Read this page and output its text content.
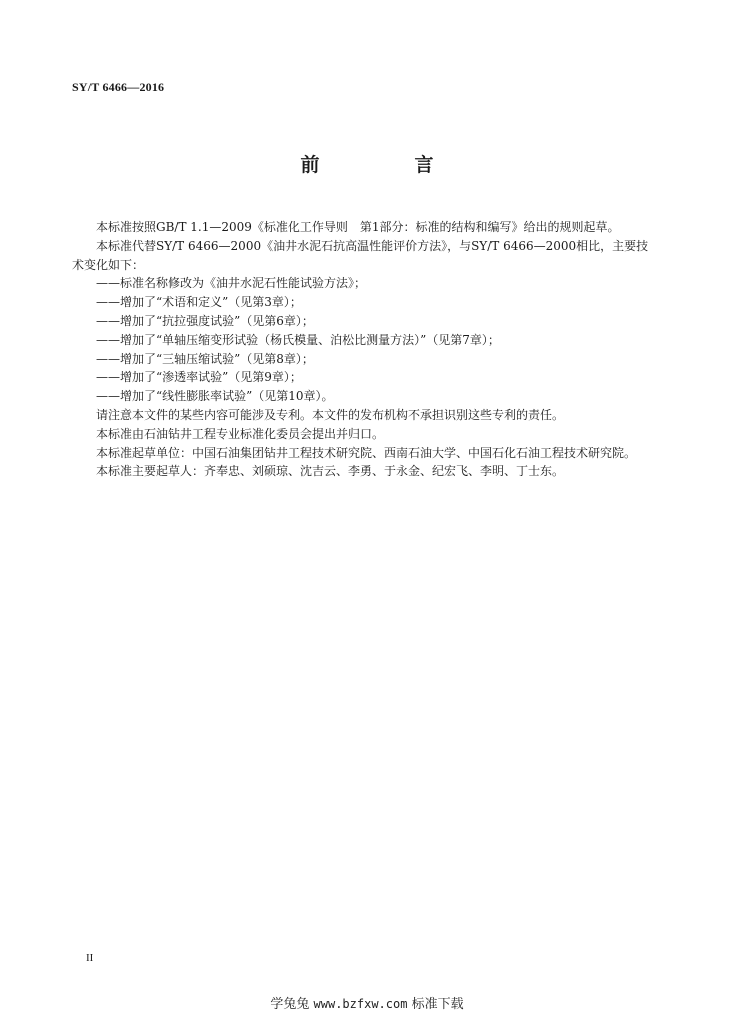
SY/T 6466—2016
前　言

本标准按照GB/T 1.1—2009《标准化工作导则　第1部分：标准的结构和编写》给出的规则起草。

本标准代替SY/T 6466—2000《油井水泥石抗高温性能评价方法》，与SY/T 6466—2000相比，主要技术变化如下：

——标准名称修改为《油井水泥石性能试验方法》；

——增加了“术语和定义”（见第3章）；

——增加了“抗拉强度试验”（见第6章）；

——增加了“单轴压缩变形试验（杨氏模量、泊松比测量方法）”（见第7章）；

——增加了“三轴压缩试验”（见第8章）；

——增加了“渗透率试验”（见第9章）；

——增加了“线性膨胀率试验”（见第10章）。

请注意本文件的某些内容可能涉及专利。本文件的发布机构不承担识别这些专利的责任。

本标准由石油钻井工程专业标准化委员会提出并归口。

本标准起草单位：中国石油集团钻井工程技术研究院、西南石油大学、中国石化石油工程技术研究院。

本标准主要起草人：齐奉忠、刘硕琼、沈吉云、李勇、于永金、纪宏飞、李明、丁士东。

II
学兔兔 www.bzfxw.com 标准下载
